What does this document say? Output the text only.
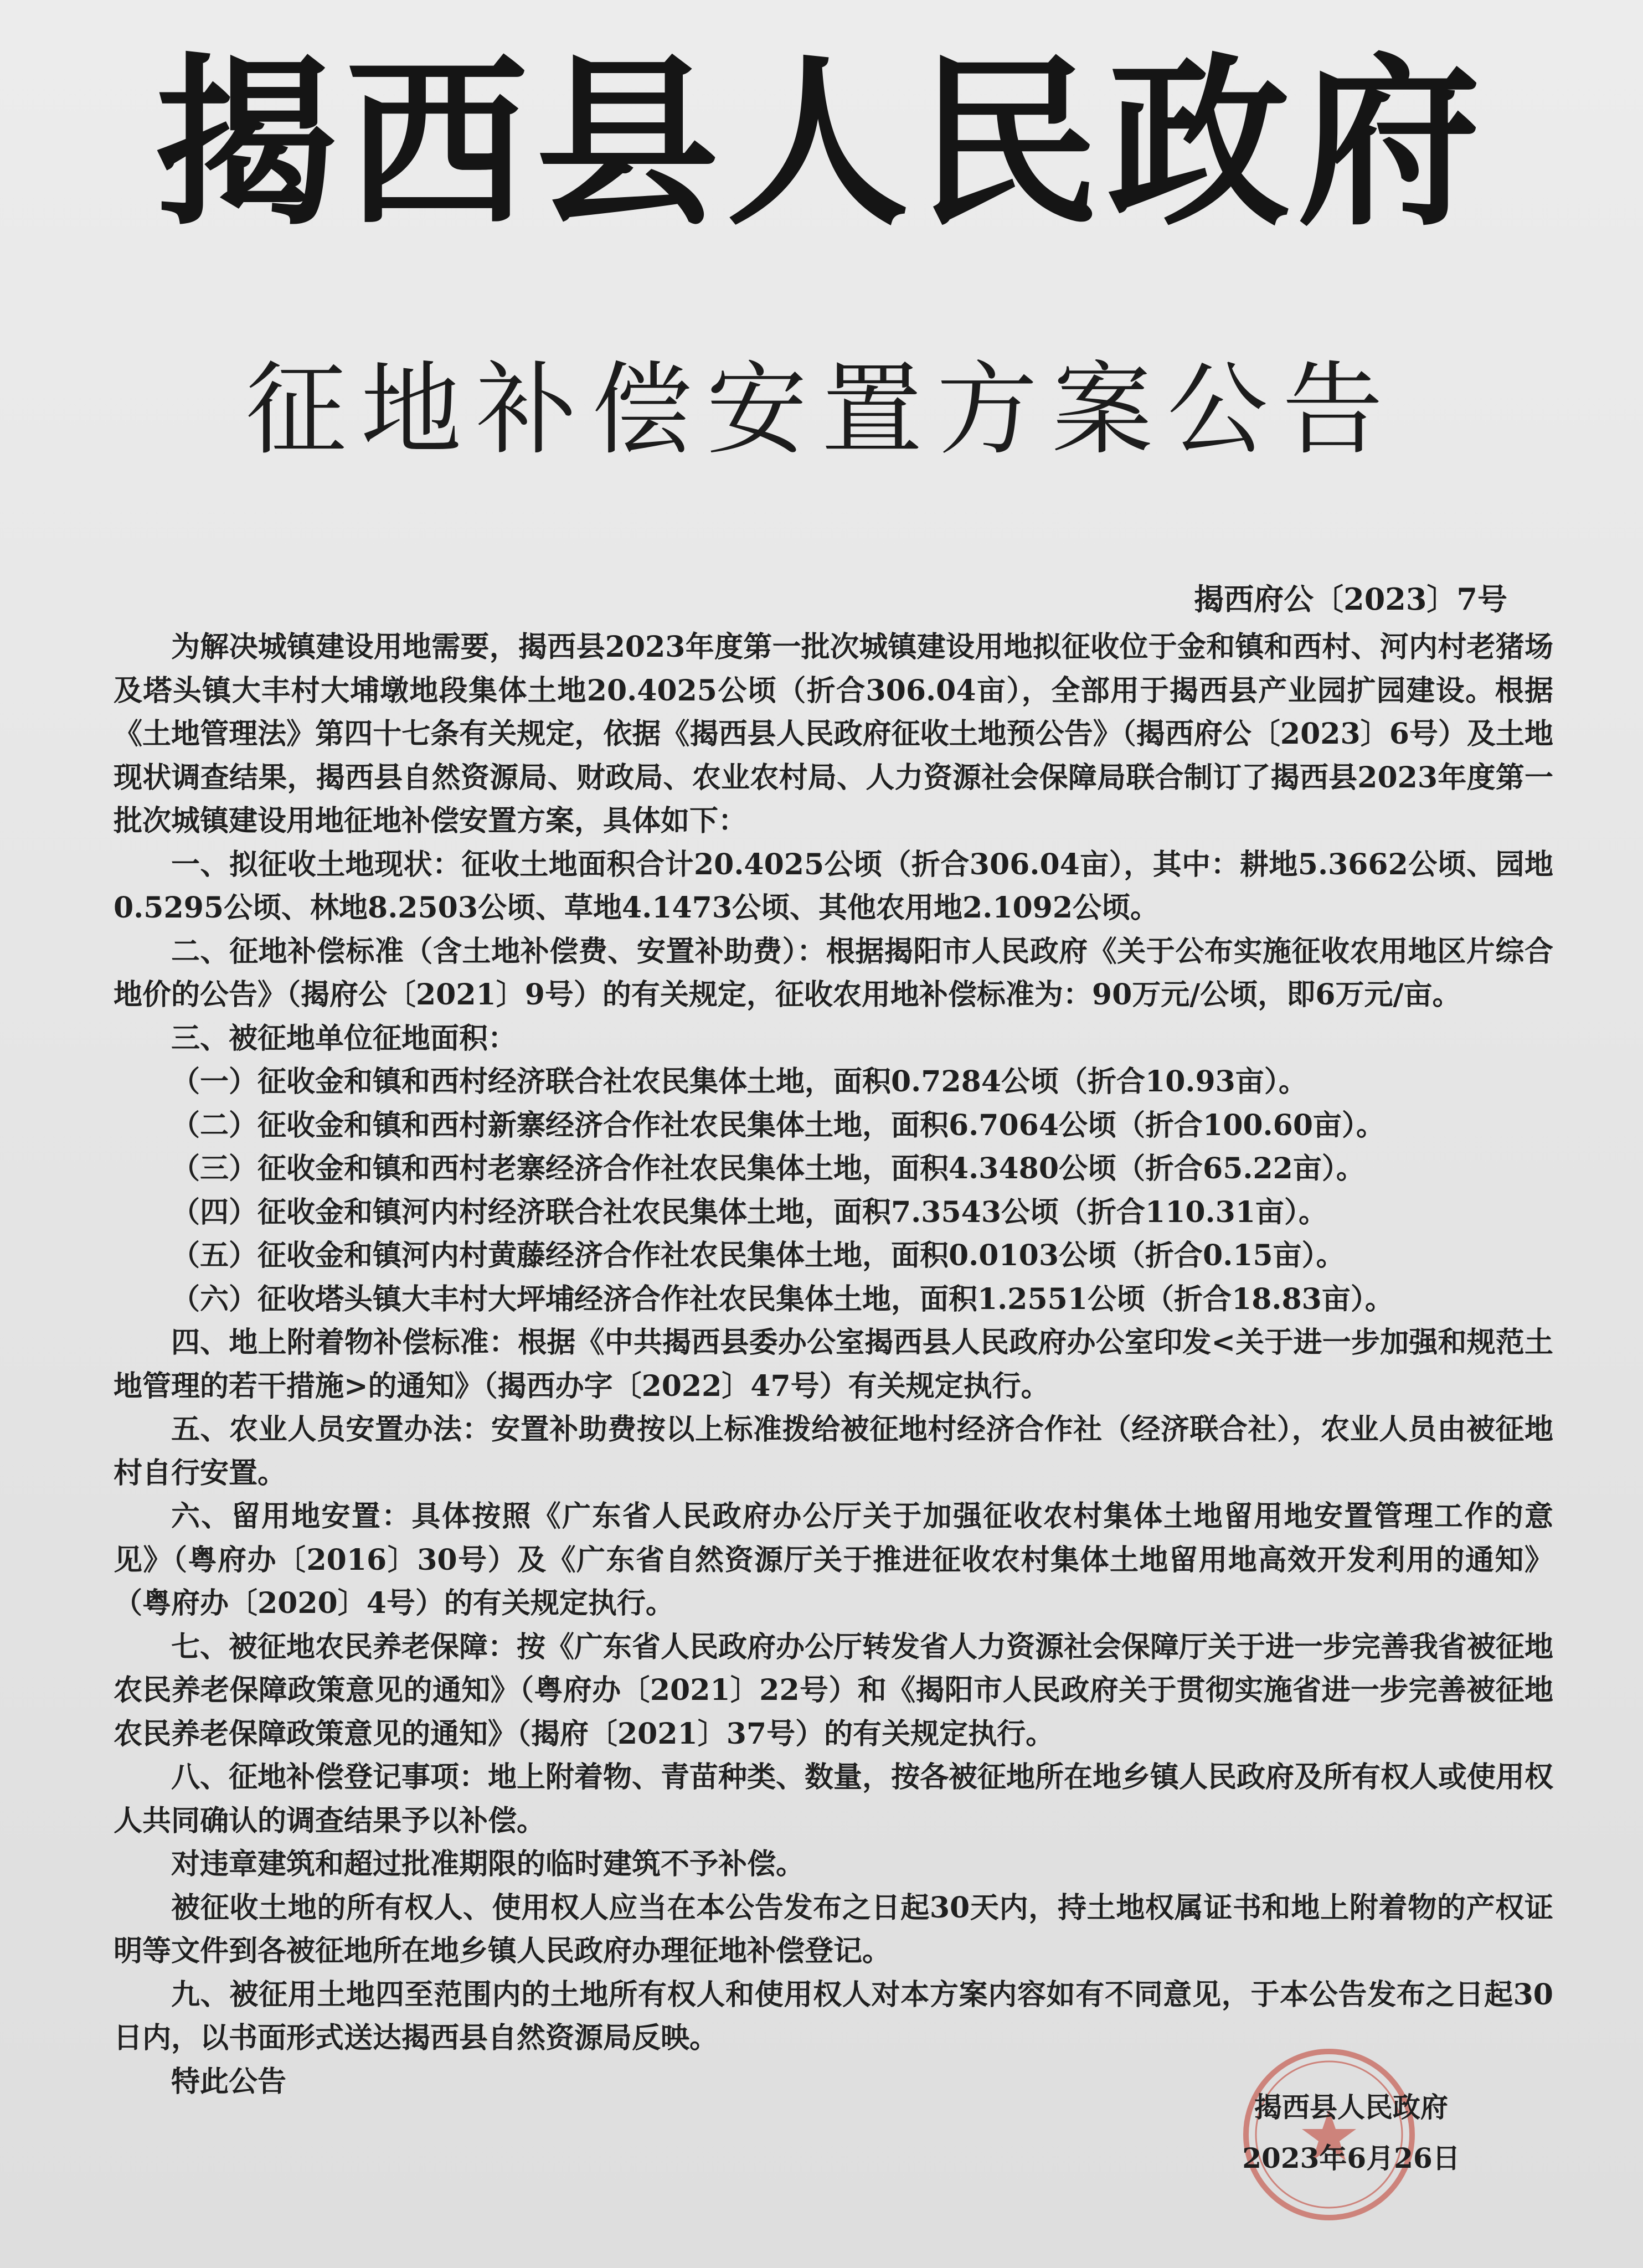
揭西县人民政府
征地补偿安置方案公告
揭西府公〔2023〕7号

为解决城镇建设用地需要，揭西县2023年度第一批次城镇建设用地拟征收位于金和镇和西村、河内村老猪场及塔头镇大丰村大埔墩地段集体土地20.4025公顷（折合306.04亩），全部用于揭西县产业园扩园建设。根据《土地管理法》第四十七条有关规定，依据《揭西县人民政府征收土地预公告》（揭西府公〔2023〕6号）及土地现状调查结果，揭西县自然资源局、财政局、农业农村局、人力资源社会保障局联合制订了揭西县2023年度第一批次城镇建设用地征地补偿安置方案，具体如下：

一、拟征收土地现状：征收土地面积合计20.4025公顷（折合306.04亩），其中：耕地5.3662公顷、园地0.5295公顷、林地8.2503公顷、草地4.1473公顷、其他农用地2.1092公顷。

二、征地补偿标准（含土地补偿费、安置补助费）：根据揭阳市人民政府《关于公布实施征收农用地区片综合地价的公告》（揭府公〔2021〕9号）的有关规定，征收农用地补偿标准为：90万元/公顷，即6万元/亩。

三、被征地单位征地面积：

（一）征收金和镇和西村经济联合社农民集体土地，面积0.7284公顷（折合10.93亩）。

（二）征收金和镇和西村新寨经济合作社农民集体土地，面积6.7064公顷（折合100.60亩）。

（三）征收金和镇和西村老寨经济合作社农民集体土地，面积4.3480公顷（折合65.22亩）。

（四）征收金和镇河内村经济联合社农民集体土地，面积7.3543公顷（折合110.31亩）。

（五）征收金和镇河内村黄藤经济合作社农民集体土地，面积0.0103公顷（折合0.15亩）。

（六）征收塔头镇大丰村大坪埔经济合作社农民集体土地，面积1.2551公顷（折合18.83亩）。

四、地上附着物补偿标准：根据《中共揭西县委办公室揭西县人民政府办公室印发<关于进一步加强和规范土地管理的若干措施>的通知》（揭西办字〔2022〕47号）有关规定执行。

五、农业人员安置办法：安置补助费按以上标准拨给被征地村经济合作社（经济联合社），农业人员由被征地村自行安置。

六、留用地安置：具体按照《广东省人民政府办公厅关于加强征收农村集体土地留用地安置管理工作的意见》（粤府办〔2016〕30号）及《广东省自然资源厅关于推进征收农村集体土地留用地高效开发利用的通知》（粤府办〔2020〕4号）的有关规定执行。

七、被征地农民养老保障：按《广东省人民政府办公厅转发省人力资源社会保障厅关于进一步完善我省被征地农民养老保障政策意见的通知》（粤府办〔2021〕22号）和《揭阳市人民政府关于贯彻实施省进一步完善被征地农民养老保障政策意见的通知》（揭府〔2021〕37号）的有关规定执行。

八、征地补偿登记事项：地上附着物、青苗种类、数量，按各被征地所在地乡镇人民政府及所有权人或使用权人共同确认的调查结果予以补偿。

对违章建筑和超过批准期限的临时建筑不予补偿。

被征收土地的所有权人、使用权人应当在本公告发布之日起30天内，持土地权属证书和地上附着物的产权证明等文件到各被征地所在地乡镇人民政府办理征地补偿登记。

九、被征用土地四至范围内的土地所有权人和使用权人对本方案内容如有不同意见，于本公告发布之日起30日内，以书面形式送达揭西县自然资源局反映。

特此公告

揭西县人民政府
2023年6月26日
